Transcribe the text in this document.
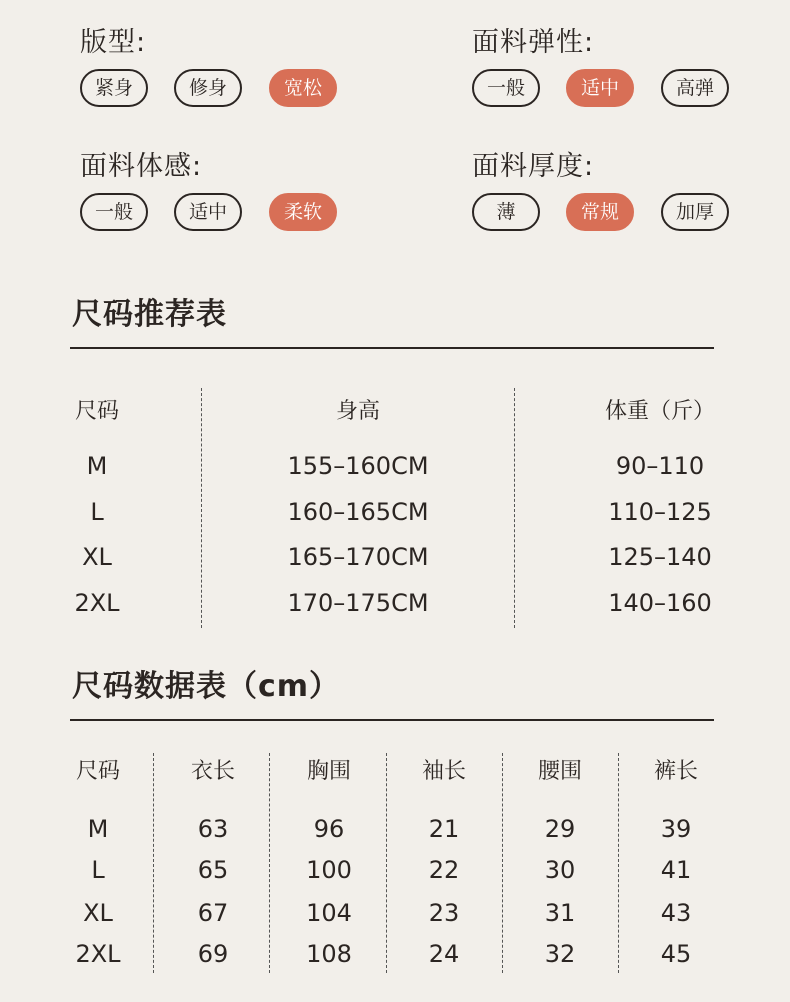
版型:
紧身	修身	宽松
面料弹性:
一般	适中	高弹
面料体感:
一般	适中	柔软
面料厚度:
薄	常规	加厚
尺码推荐表
尺码	身高	体重（斤）
M	155–160CM	90–110
L	160–165CM	110–125
XL	165–170CM	125–140
2XL	170–175CM	140–160
尺码数据表（cm）
尺码	衣长	胸围	袖长	腰围	裤长
M	63	96	21	29	39
L	65	100	22	30	41
XL	67	104	23	31	43
2XL	69	108	24	32	45
